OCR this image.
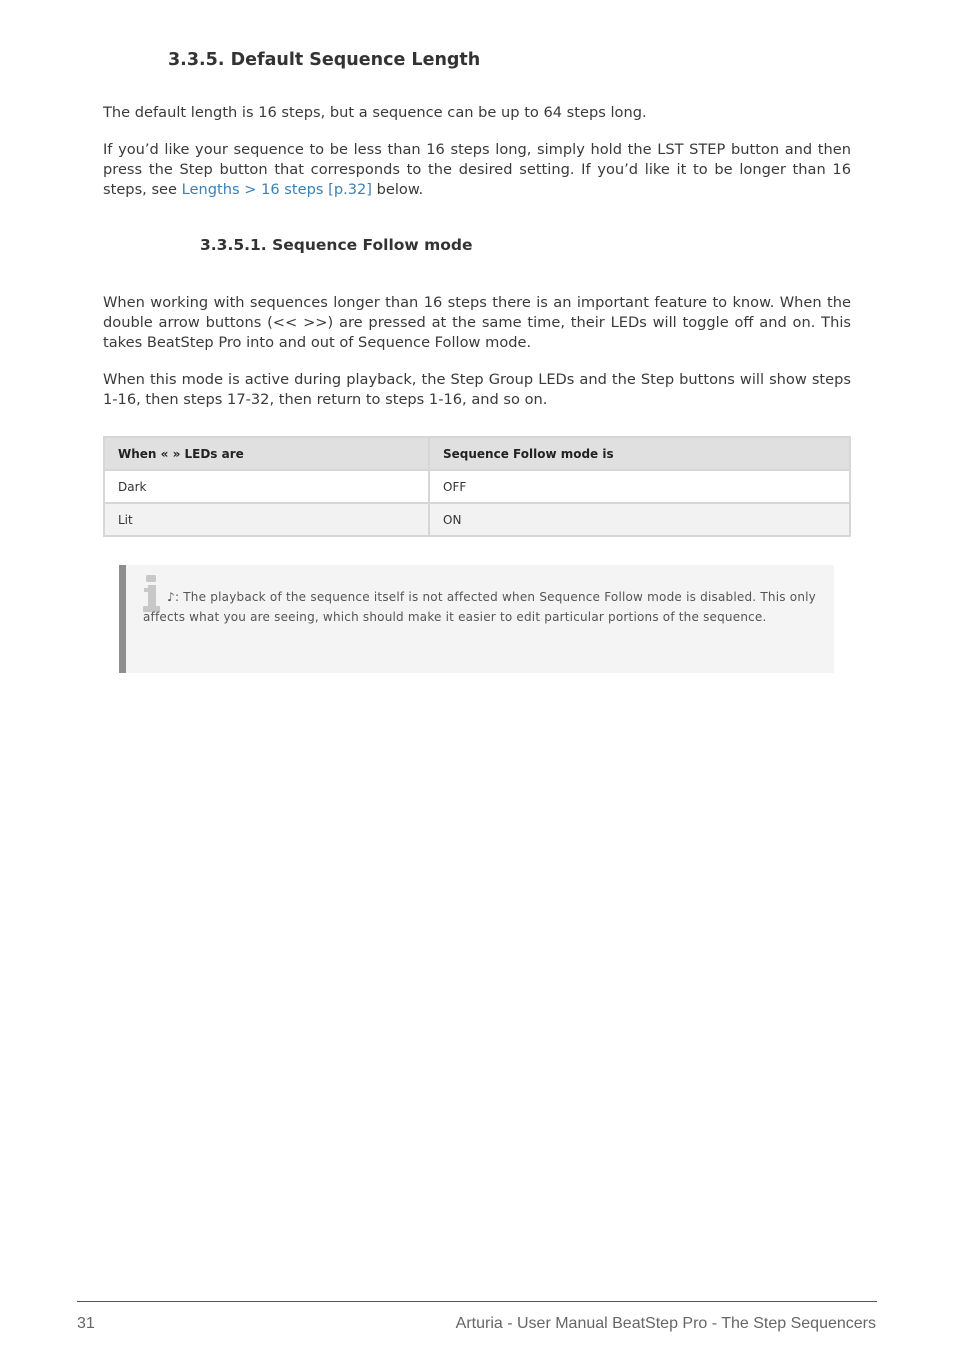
3.3.5. Default Sequence Length

The default length is 16 steps, but a sequence can be up to 64 steps long.

If you’d like your sequence to be less than 16 steps long, simply hold the LST STEP button and then press the Step button that corresponds to the desired setting. If you’d like it to be longer than 16 steps, see Lengths > 16 steps [p.32] below.

3.3.5.1. Sequence Follow mode

When working with sequences longer than 16 steps there is an important feature to know. When the double arrow buttons (<< >>) are pressed at the same time, their LEDs will toggle off and on. This takes BeatStep Pro into and out of Sequence Follow mode.

When this mode is active during playback, the Step Group LEDs and the Step buttons will show steps 1-16, then steps 17-32, then return to steps 1-16, and so on.

When « » LEDs are	Sequence Follow mode is
Dark	OFF
Lit	ON
♪: The playback of the sequence itself is not affected when Sequence Follow mode is disabled. This only affects what you are seeing, which should make it easier to edit particular portions of the sequence.
31	Arturia - User Manual BeatStep Pro - The Step Sequencers
